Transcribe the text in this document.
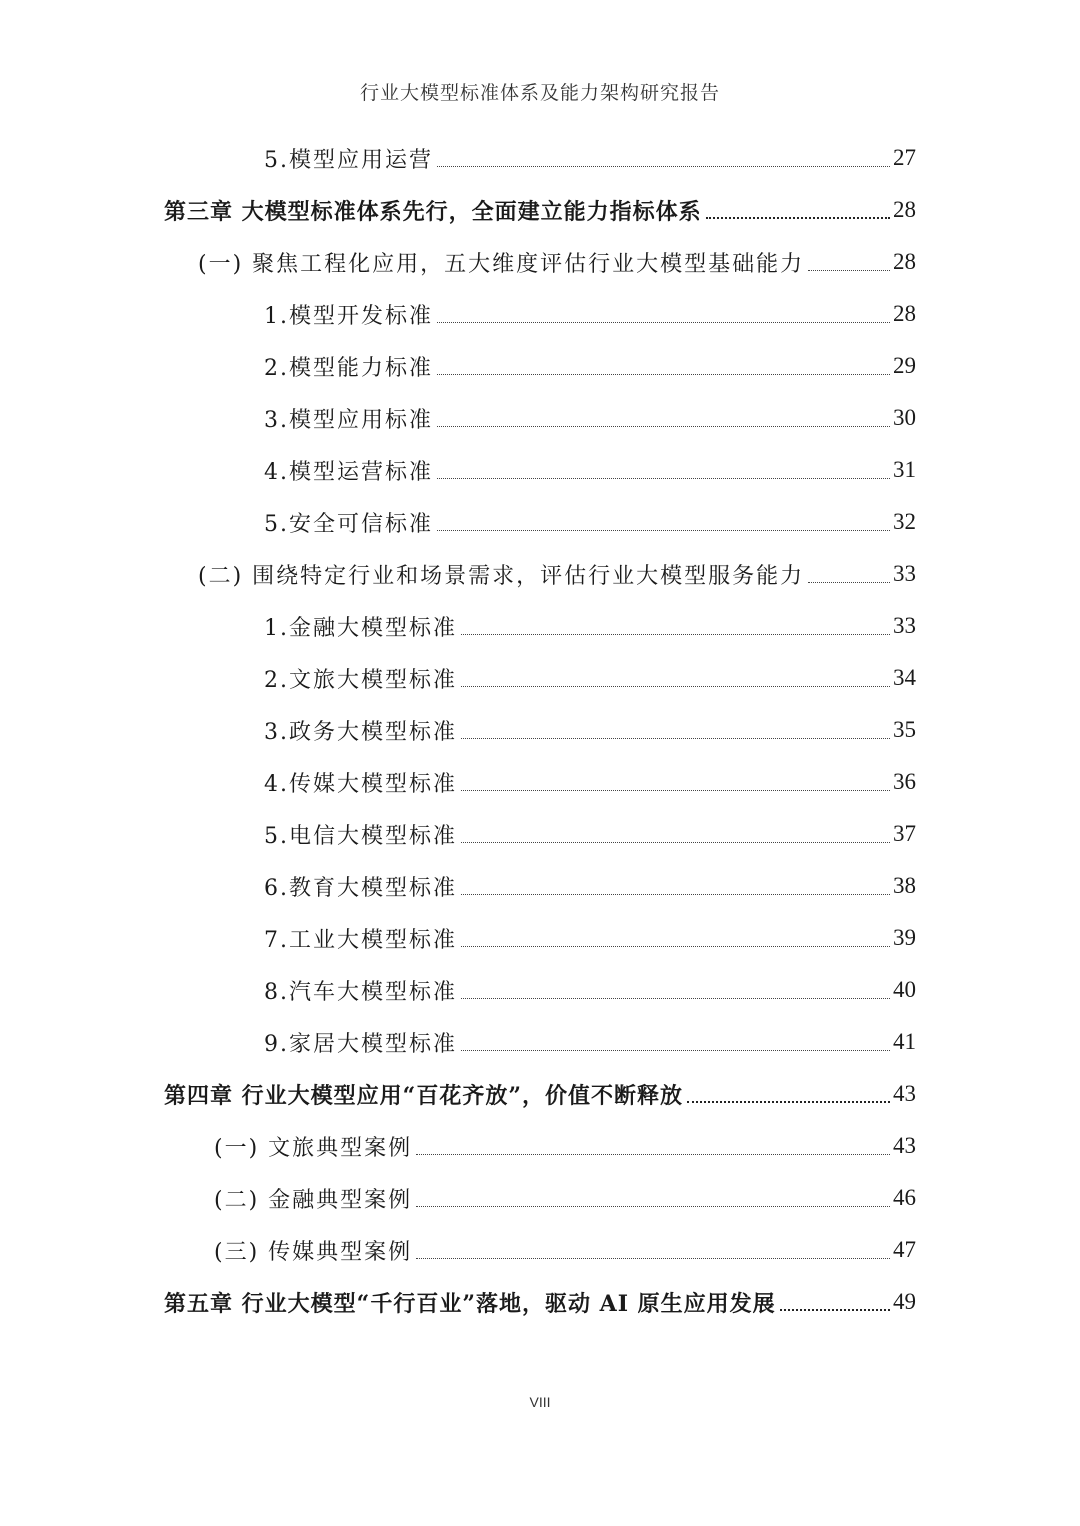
行业大模型标准体系及能力架构研究报告
5.模型应用运营	27
第三章 大模型标准体系先行，全面建立能力指标体系	28
(一) 聚焦工程化应用，五大维度评估行业大模型基础能力	28
1.模型开发标准	28
2.模型能力标准	29
3.模型应用标准	30
4.模型运营标准	31
5.安全可信标准	32
(二) 围绕特定行业和场景需求，评估行业大模型服务能力	33
1.金融大模型标准	33
2.文旅大模型标准	34
3.政务大模型标准	35
4.传媒大模型标准	36
5.电信大模型标准	37
6.教育大模型标准	38
7.工业大模型标准	39
8.汽车大模型标准	40
9.家居大模型标准	41
第四章 行业大模型应用“百花齐放”，价值不断释放	43
(一) 文旅典型案例	43
(二) 金融典型案例	46
(三) 传媒典型案例	47
第五章 行业大模型“千行百业”落地，驱动 AI 原生应用发展	49
VIII
